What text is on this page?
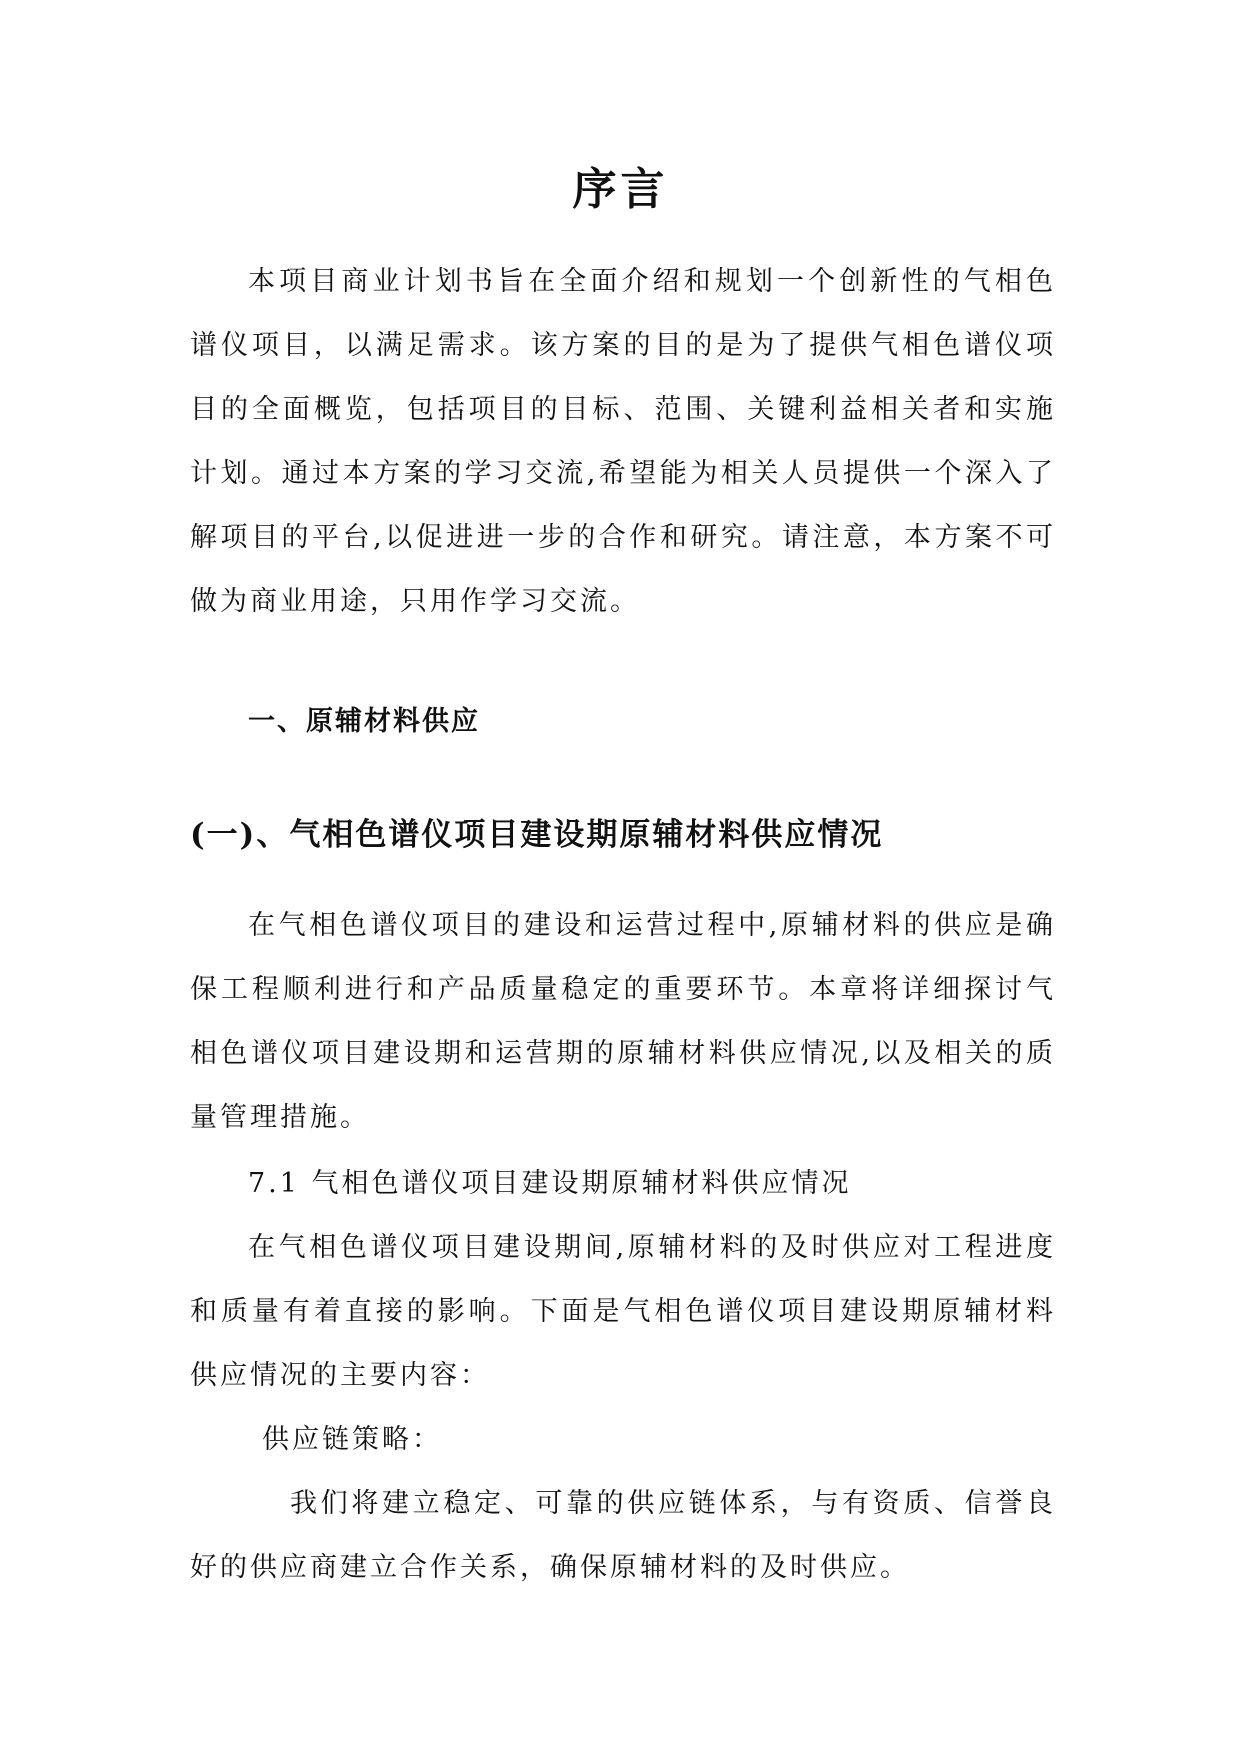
序言

本项目商业计划书旨在全面介绍和规划一个创新性的气相色谱仪项目，以满足需求。该方案的目的是为了提供气相色谱仪项目的全面概览，包括项目的目标、范围、关键利益相关者和实施计划。通过本方案的学习交流,希望能为相关人员提供一个深入了解项目的平台,以促进进一步的合作和研究。请注意，本方案不可做为商业用途，只用作学习交流。

一、原辅材料供应
(一)、气相色谱仪项目建设期原辅材料供应情况

在气相色谱仪项目的建设和运营过程中,原辅材料的供应是确保工程顺利进行和产品质量稳定的重要环节。本章将详细探讨气相色谱仪项目建设期和运营期的原辅材料供应情况,以及相关的质量管理措施。

7.1 气相色谱仪项目建设期原辅材料供应情况

在气相色谱仪项目建设期间,原辅材料的及时供应对工程进度和质量有着直接的影响。下面是气相色谱仪项目建设期原辅材料供应情况的主要内容：

供应链策略：

我们将建立稳定、可靠的供应链体系，与有资质、信誉良好的供应商建立合作关系，确保原辅材料的及时供应。
